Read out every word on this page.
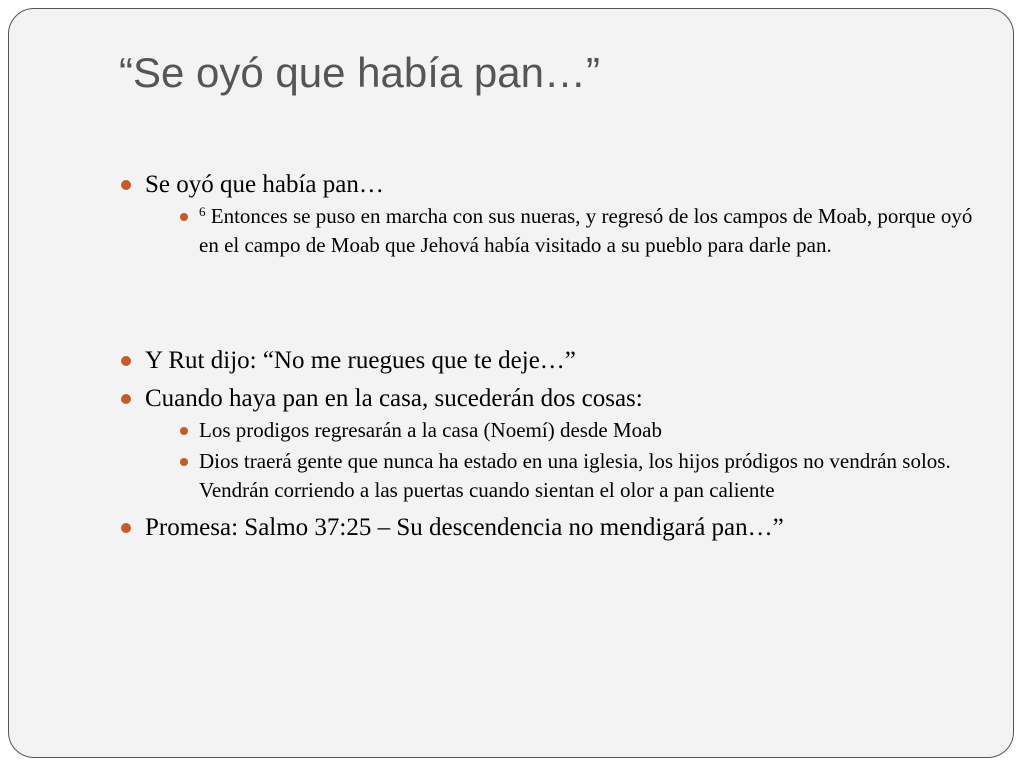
“Se oyó que había pan…”
Se oyó que había pan…
$^6$ Entonces se puso en marcha con sus nueras, y regresó de los campos de Moab, porque oyó en el campo de Moab que Jehová había visitado a su pueblo para darle pan.
Y Rut dijo: “No me ruegues que te deje…”
Cuando haya pan en la casa, sucederán dos cosas:
Los prodigos regresarán a la casa (Noemí) desde Moab
Dios traerá gente que nunca ha estado en una iglesia, los hijos pródigos no vendrán solos. Vendrán corriendo a las puertas cuando sientan el olor a pan caliente
Promesa: Salmo 37:25 – Su descendencia no mendigará pan…”
